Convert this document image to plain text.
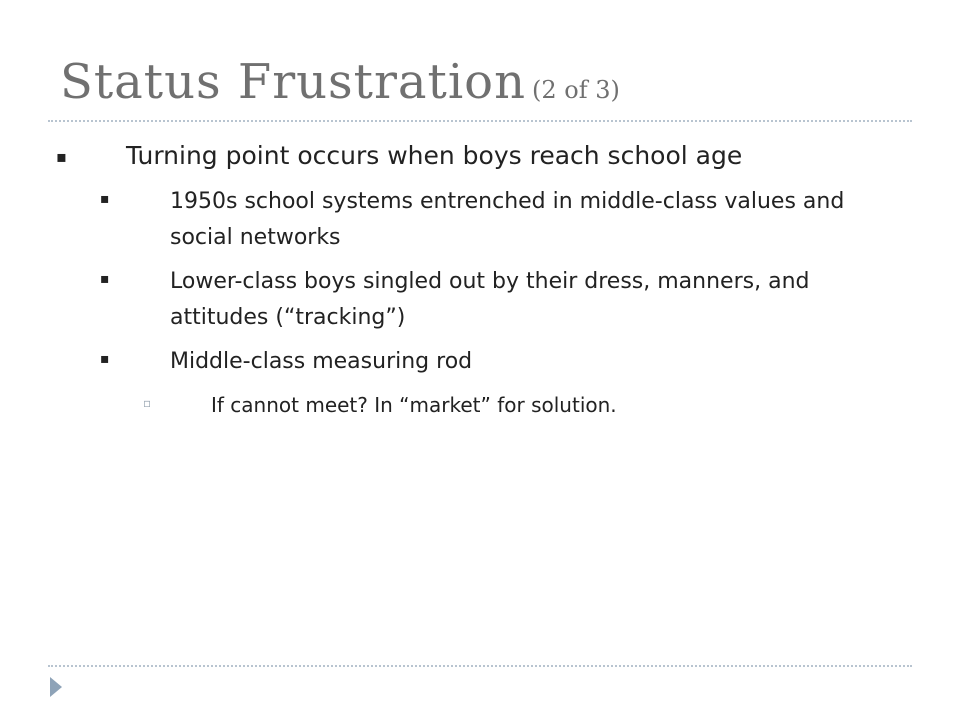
Status Frustration (2 of 3)
▪ Turning point occurs when boys reach school age
▪	1950s school systems entrenched in middle-class values and social networks
▪	Lower-class boys singled out by their dress, manners, and attitudes (“tracking”)
▪	Middle-class measuring rod
▫	If cannot meet? In “market” for solution.
